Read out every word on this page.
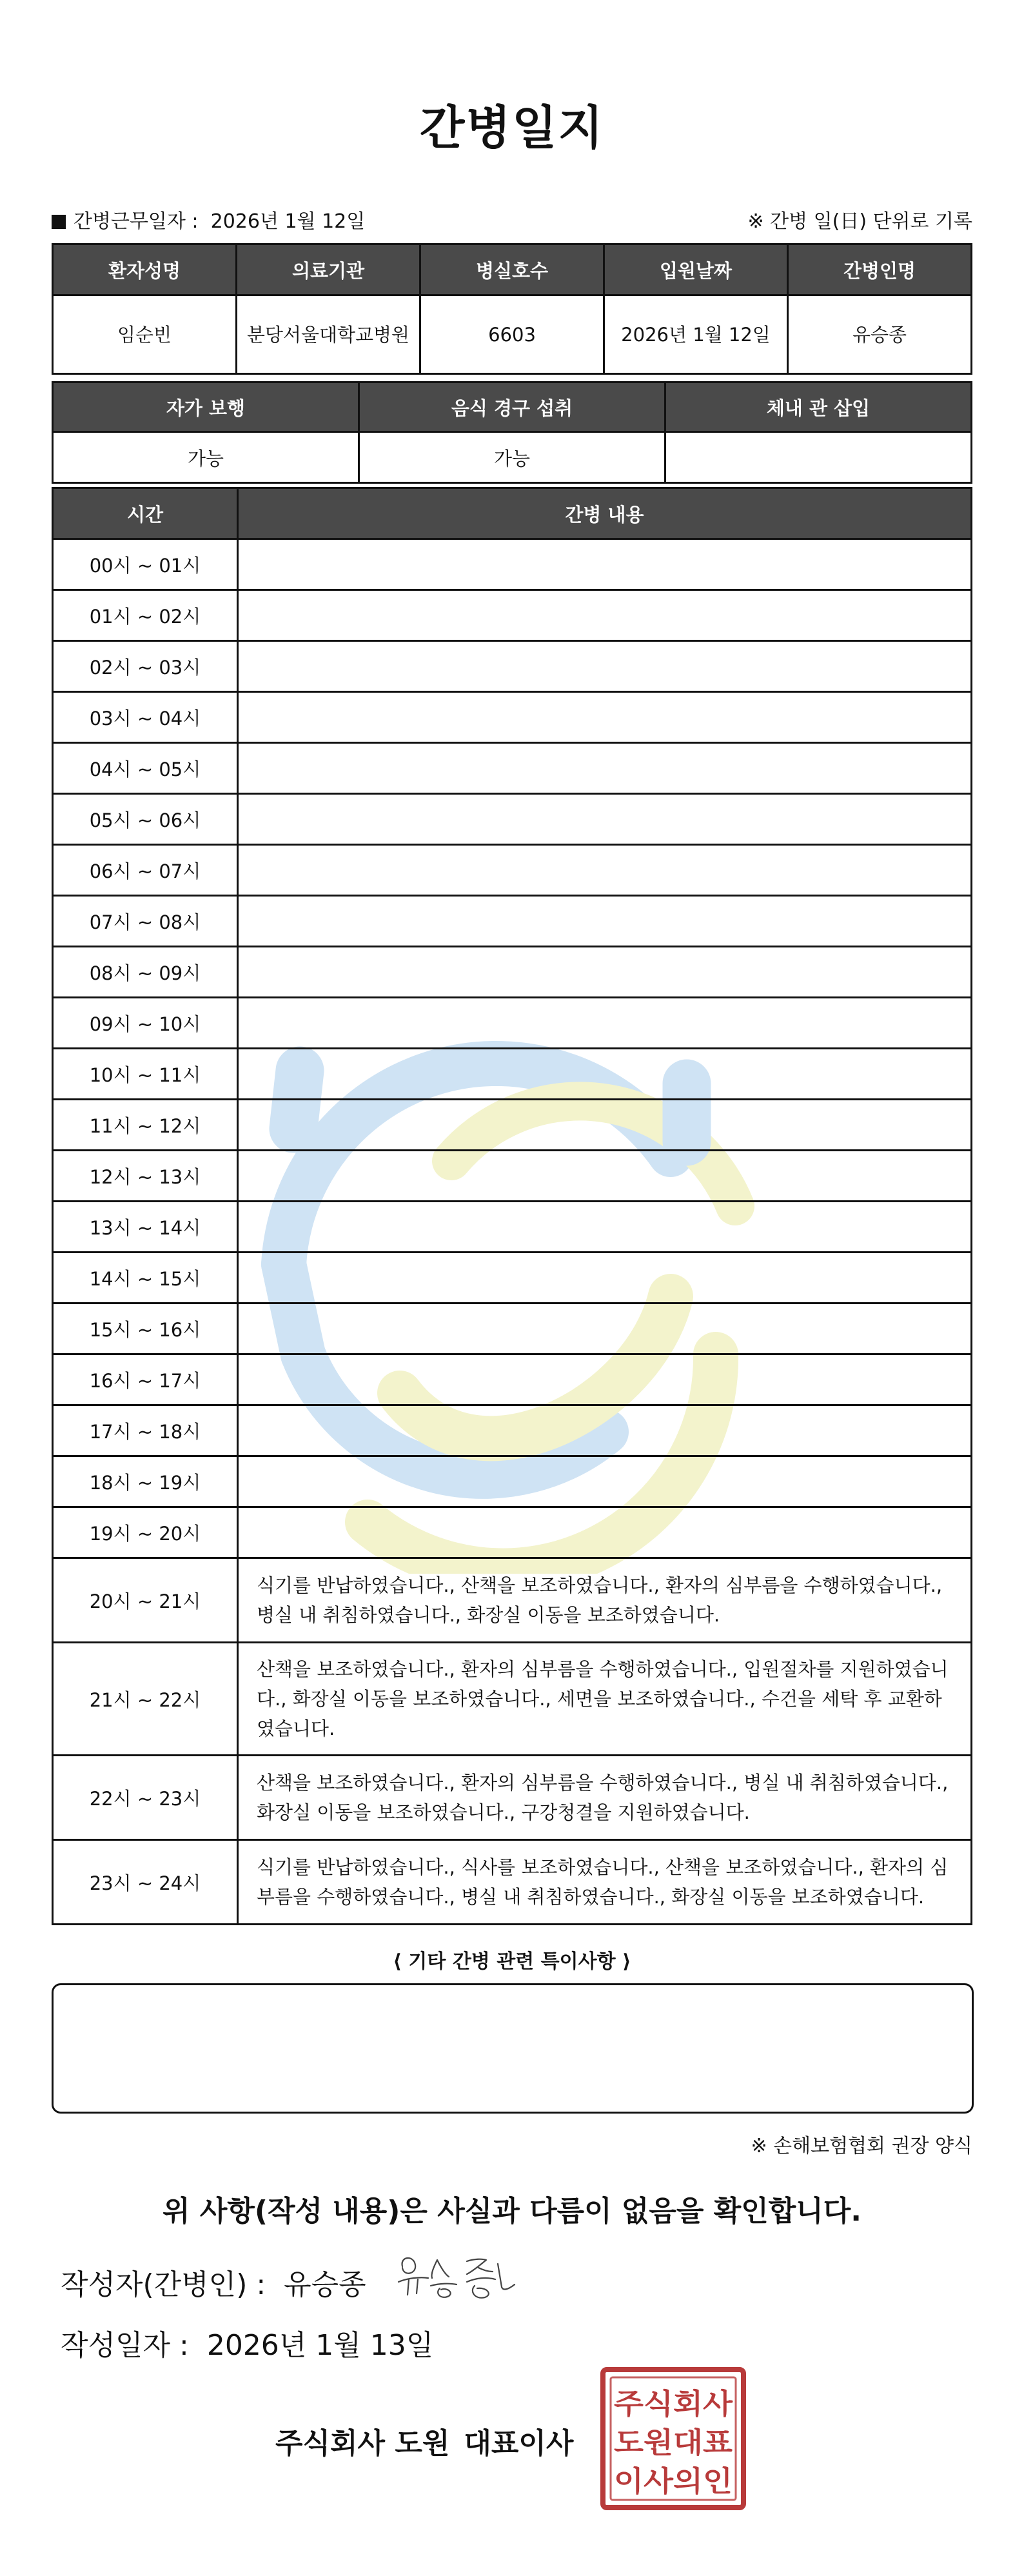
간병일지
간병근무일자 : 2026년 1월 12일	※ 간병 일(日) 단위로 기록
환자성명	의료기관	병실호수	입원날짜	간병인명
임순빈	분당서울대학교병원	6603	2026년 1월 12일	유승종
자가 보행	음식 경구 섭취	체내 관 삽입
가능	가능	
시간	간병 내용
00시 ~ 01시	
01시 ~ 02시	
02시 ~ 03시	
03시 ~ 04시	
04시 ~ 05시	
05시 ~ 06시	
06시 ~ 07시	
07시 ~ 08시	
08시 ~ 09시	
09시 ~ 10시	
10시 ~ 11시	
11시 ~ 12시	
12시 ~ 13시	
13시 ~ 14시	
14시 ~ 15시	
15시 ~ 16시	
16시 ~ 17시	
17시 ~ 18시	
18시 ~ 19시	
19시 ~ 20시	
20시 ~ 21시	식기를 반납하였습니다., 산책을 보조하였습니다., 환자의 심부름을 수행하였습니다., 병실 내 취침하였습니다., 화장실 이동을 보조하였습니다.
21시 ~ 22시	산책을 보조하였습니다., 환자의 심부름을 수행하였습니다., 입원절차를 지원하였습니다., 화장실 이동을 보조하였습니다., 세면을 보조하였습니다., 수건을 세탁 후 교환하였습니다.
22시 ~ 23시	산책을 보조하였습니다., 환자의 심부름을 수행하였습니다., 병실 내 취침하였습니다., 화장실 이동을 보조하였습니다., 구강청결을 지원하였습니다.
23시 ~ 24시	식기를 반납하였습니다., 식사를 보조하였습니다., 산책을 보조하였습니다., 환자의 심부름을 수행하였습니다., 병실 내 취침하였습니다., 화장실 이동을 보조하였습니다.
⟨ 기타 간병 관련 특이사항 ⟩
※ 손해보험협회 권장 양식
위 사항(작성 내용)은 사실과 다름이 없음을 확인합니다.
작성자(간병인) : 유승종
작성일자 : 2026년 1월 13일
주식회사 도원 대표이사
주식회사
도원대표
이사의인
